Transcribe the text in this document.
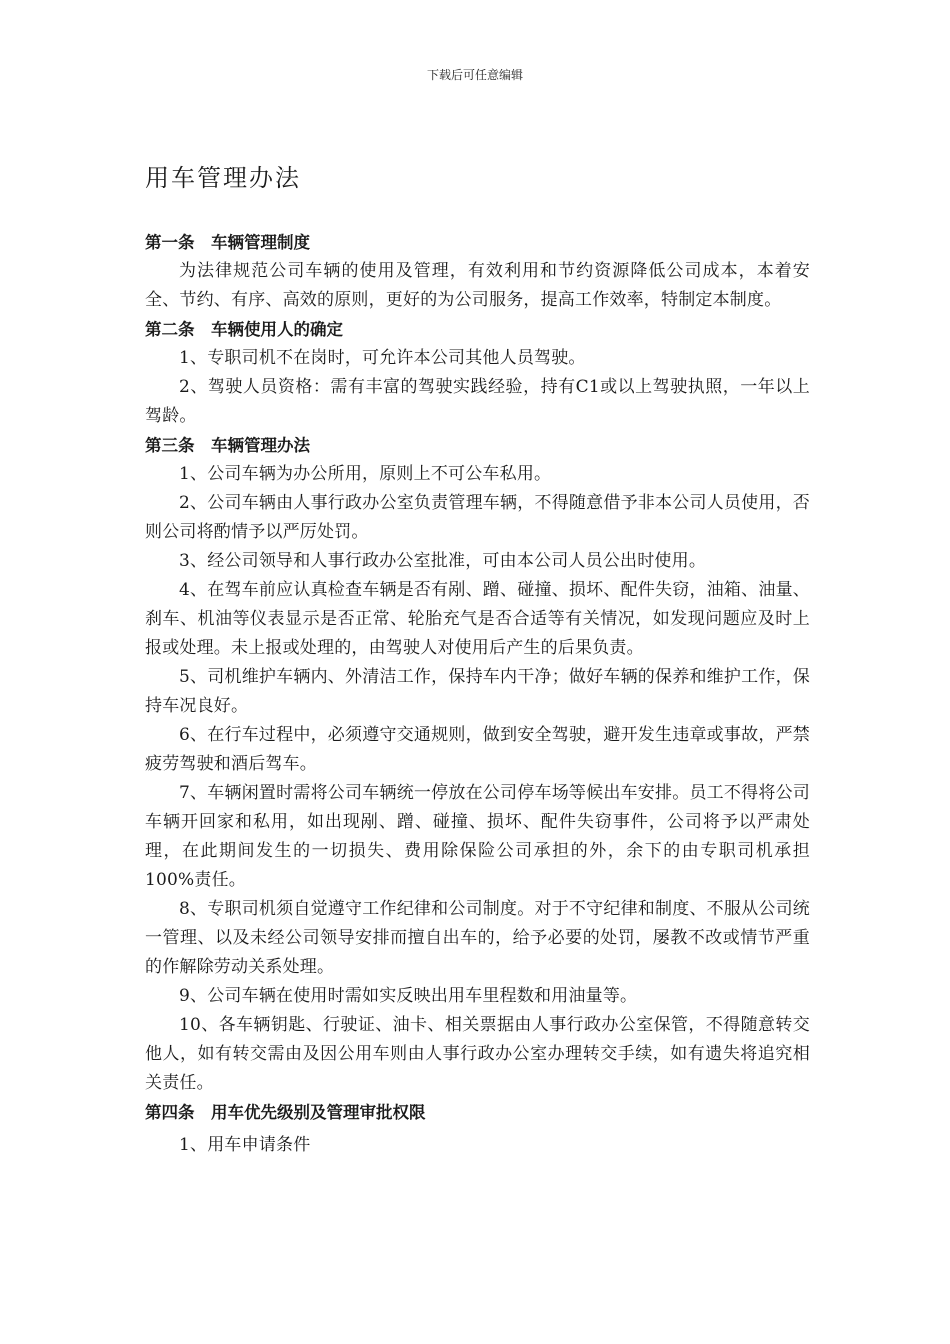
下载后可任意编辑
用车管理办法

第一条　车辆管理制度

为法律规范公司车辆的使用及管理，有效利用和节约资源降低公司成本，本着安全、节约、有序、高效的原则，更好的为公司服务，提高工作效率，特制定本制度。

第二条　车辆使用人的确定

1、专职司机不在岗时，可允许本公司其他人员驾驶。

2、驾驶人员资格：需有丰富的驾驶实践经验，持有C1或以上驾驶执照，一年以上驾龄。

第三条　车辆管理办法

1、公司车辆为办公所用，原则上不可公车私用。

2、公司车辆由人事行政办公室负责管理车辆，不得随意借予非本公司人员使用，否则公司将酌情予以严厉处罚。

3、经公司领导和人事行政办公室批准，可由本公司人员公出时使用。

4、在驾车前应认真检查车辆是否有剐、蹭、碰撞、损坏、配件失窃，油箱、油量、刹车、机油等仪表显示是否正常、轮胎充气是否合适等有关情况，如发现问题应及时上报或处理。未上报或处理的，由驾驶人对使用后产生的后果负责。

5、司机维护车辆内、外清洁工作，保持车内干净；做好车辆的保养和维护工作，保持车况良好。

6、在行车过程中，必须遵守交通规则，做到安全驾驶，避开发生违章或事故，严禁疲劳驾驶和酒后驾车。

7、车辆闲置时需将公司车辆统一停放在公司停车场等候出车安排。员工不得将公司车辆开回家和私用，如出现剐、蹭、碰撞、损坏、配件失窃事件，公司将予以严肃处理，在此期间发生的一切损失、费用除保险公司承担的外，余下的由专职司机承担100%责任。

8、专职司机须自觉遵守工作纪律和公司制度。对于不守纪律和制度、不服从公司统一管理、以及未经公司领导安排而擅自出车的，给予必要的处罚，屡教不改或情节严重的作解除劳动关系处理。

9、公司车辆在使用时需如实反映出用车里程数和用油量等。

10、各车辆钥匙、行驶证、油卡、相关票据由人事行政办公室保管，不得随意转交他人，如有转交需由及因公用车则由人事行政办公室办理转交手续，如有遗失将追究相关责任。

第四条　用车优先级别及管理审批权限

1、用车申请条件
